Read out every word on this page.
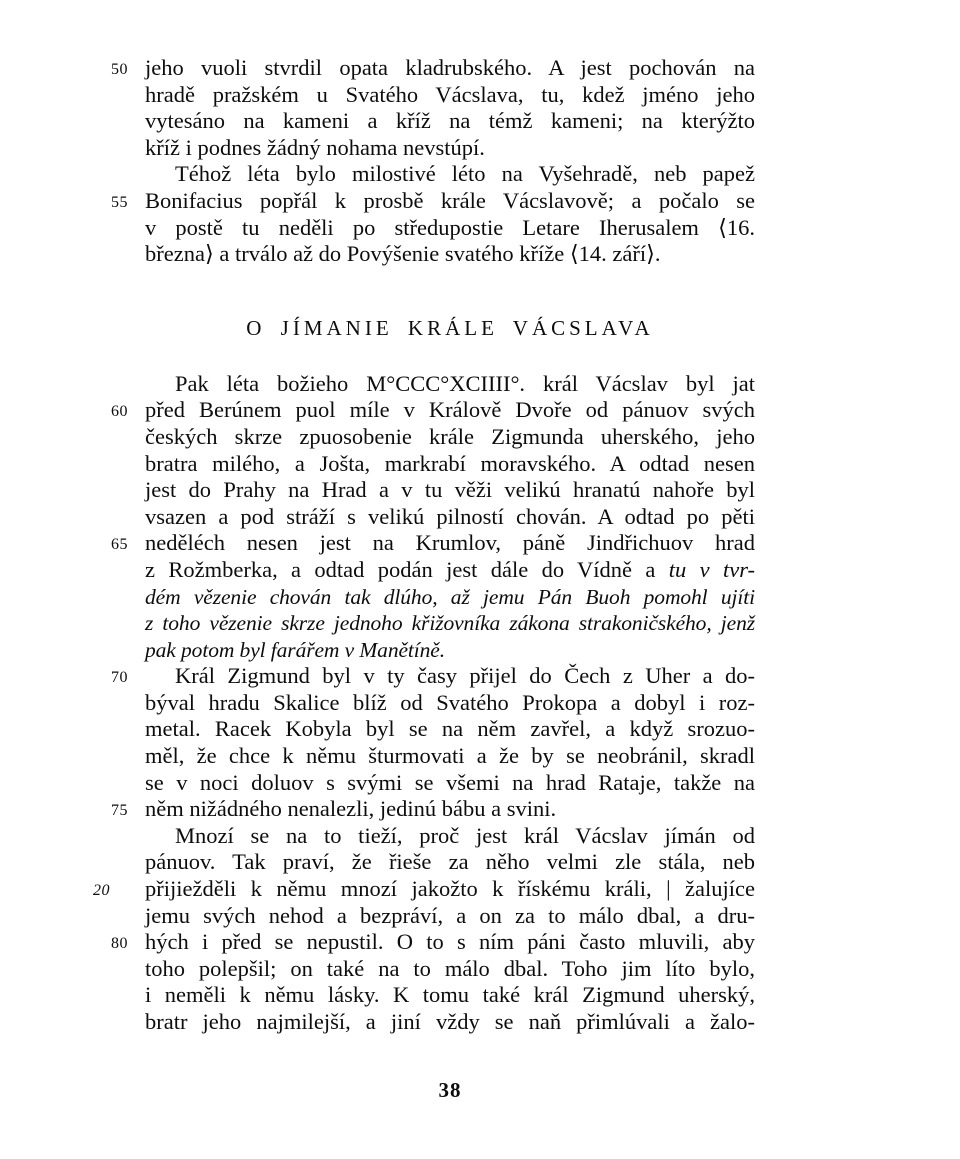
50 jeho vuoli stvrdil opata kladrubského. A jest pochován na
hradě pražském u Svatého Vácslava, tu, kdež jméno jeho
vytesáno na kameni a kříž na témž kameni; na kterýžto
kříž i podnes žádný nohama nevstúpí.
Téhož léta bylo milostivé léto na Vyšehradě, neb papež
55 Bonifacius popřál k prosbě krále Vácslavově; a počalo se
v postě tu neděli po středupostie Letare Iherusalem ⟨16.
března⟩ a trválo až do Povýšenie svatého kříže ⟨14. září⟩.
O JÍMANIE KRÁLE VÁCSLAVA
Pak léta božieho M°CCC°XCIIII°. král Vácslav byl jat
60 před Berúnem puol míle v Králově Dvoře od pánuov svých
českých skrze zpuosobenie krále Zigmunda uherského, jeho
bratra milého, a Jošta, markrabí moravského. A odtad nesen
jest do Prahy na Hrad a v tu věži velikú hranatú nahoře byl
vsazen a pod stráží s velikú pilností chován. A odtad po pěti
65 neděléch nesen jest na Krumlov, páně Jindřichuov hrad
z Rožmberka, a odtad podán jest dále do Vídně a tu v tvr-
dém vězenie chován tak dlúho, až jemu Pán Buoh pomohl ujíti
z toho vězenie skrze jednoho křižovníka zákona strakoničského, jenž
pak potom byl farářem v Manětíně.
70 Král Zigmund byl v ty časy přijel do Čech z Uher a do-
býval hradu Skalice blíž od Svatého Prokopa a dobyl i roz-
metal. Racek Kobyla byl se na něm zavřel, a když srozuo-
měl, že chce k němu šturmovati a že by se neobránil, skradl
se v noci doluov s svými se všemi na hrad Rataje, takže na
75 něm nižádného nenalezli, jedinú bábu a svini.
Mnozí se na to tieží, proč jest král Vácslav jímán od
pánuov. Tak praví, že řieše za něho velmi zle stála, neb
20 přijiežděli k němu mnozí jakožto k řískému králi, | žalujíce
jemu svých nehod a bezpráví, a on za to málo dbal, a dru-
80 hých i před se nepustil. O to s ním páni často mluvili, aby
toho polepšil; on také na to málo dbal. Toho jim líto bylo,
i neměli k němu lásky. K tomu také král Zigmund uherský,
bratr jeho najmilejší, a jiní vždy se naň přimlúvali a žalo-
38
